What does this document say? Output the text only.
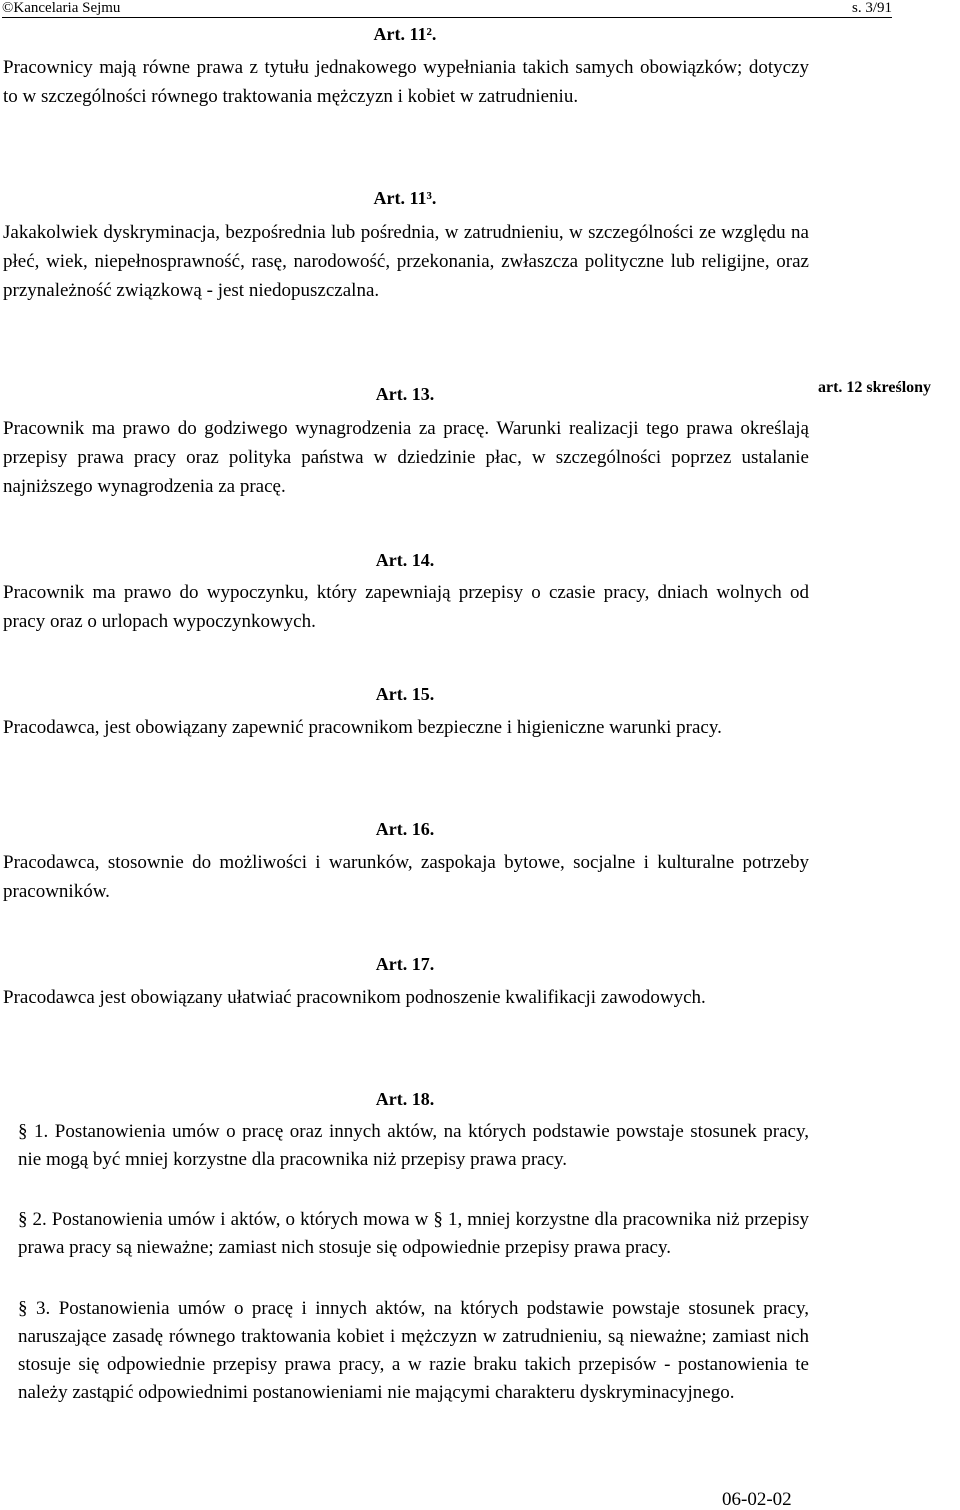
©Kancelaria Sejmu	s. 3/91
Art. 11².
Pracownicy mają równe prawa z tytułu jednakowego wypełniania takich samych obowiązków; dotyczy to w szczególności równego traktowania mężczyzn i kobiet w zatrudnieniu.
Art. 11³.
Jakakolwiek dyskryminacja, bezpośrednia lub pośrednia, w zatrudnieniu, w szczególności ze względu na płeć, wiek, niepełnosprawność, rasę, narodowość, przekonania, zwłaszcza polityczne lub religijne, oraz przynależność związkową - jest niedopuszczalna.
art. 12 skreślony
Art. 13.
Pracownik ma prawo do godziwego wynagrodzenia za pracę. Warunki realizacji tego prawa określają przepisy prawa pracy oraz polityka państwa w dziedzinie płac, w szczególności poprzez ustalanie najniższego wynagrodzenia za pracę.
Art. 14.
Pracownik ma prawo do wypoczynku, który zapewniają przepisy o czasie pracy, dniach wolnych od pracy oraz o urlopach wypoczynkowych.
Art. 15.
Pracodawca, jest obowiązany zapewnić pracownikom bezpieczne i higieniczne warunki pracy.
Art. 16.
Pracodawca, stosownie do możliwości i warunków, zaspokaja bytowe, socjalne i kulturalne potrzeby pracowników.
Art. 17.
Pracodawca jest obowiązany ułatwiać pracownikom podnoszenie kwalifikacji zawodowych.
Art. 18.
§ 1. Postanowienia umów o pracę oraz innych aktów, na których podstawie powstaje stosunek pracy, nie mogą być mniej korzystne dla pracownika niż przepisy prawa pracy.
§ 2. Postanowienia umów i aktów, o których mowa w § 1, mniej korzystne dla pracownika niż przepisy prawa pracy są nieważne; zamiast nich stosuje się odpowiednie przepisy prawa pracy.
§ 3. Postanowienia umów o pracę i innych aktów, na których podstawie powstaje stosunek pracy, naruszające zasadę równego traktowania kobiet i mężczyzn w zatrudnieniu, są nieważne; zamiast nich stosuje się odpowiednie przepisy prawa pracy, a w razie braku takich przepisów - postanowienia te należy zastąpić odpowiednimi postanowieniami nie mającymi charakteru dyskryminacyjnego.
06-02-02
